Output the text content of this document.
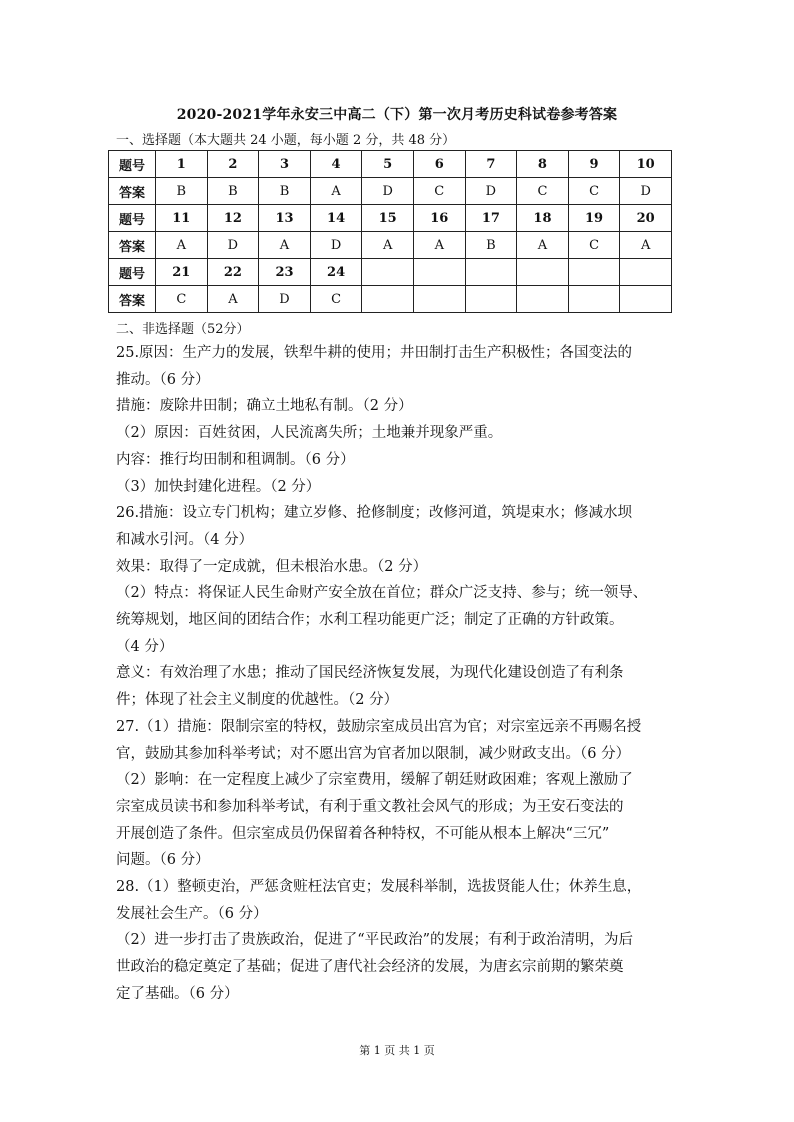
2020-2021学年永安三中高二（下）第一次月考历史科试卷参考答案
一、选择题（本大题共 24 小题，每小题 2 分，共 48 分）
题号	1	2	3	4	5	6	7	8	9	10
答案	B	B	B	A	D	C	D	C	C	D
题号	11	12	13	14	15	16	17	18	19	20
答案	A	D	A	D	A	A	B	A	C	A
题号	21	22	23	24						
答案	C	A	D	C						
二、非选择题（52分）

25.原因：生产力的发展，铁犁牛耕的使用；井田制打击生产积极性；各国变法的

推动。（6 分）

措施：废除井田制；确立土地私有制。（2 分）

（2）原因：百姓贫困，人民流离失所；土地兼并现象严重。

内容：推行均田制和租调制。（6 分）

（3）加快封建化进程。（2 分）

26.措施：设立专门机构；建立岁修、抢修制度；改修河道，筑堤束水；修减水坝

和减水引河。（4 分）

效果：取得了一定成就，但未根治水患。（2 分）

（2）特点：将保证人民生命财产安全放在首位；群众广泛支持、参与；统一领导、

统筹规划，地区间的团结合作；水利工程功能更广泛；制定了正确的方针政策。

（4 分）

意义：有效治理了水患；推动了国民经济恢复发展，为现代化建设创造了有利条

件；体现了社会主义制度的优越性。（2 分）

27.（1）措施：限制宗室的特权，鼓励宗室成员出宫为官；对宗室远亲不再赐名授

官，鼓励其参加科举考试；对不愿出宫为官者加以限制，减少财政支出。（6 分）

（2）影响：在一定程度上减少了宗室费用，缓解了朝廷财政困难；客观上激励了

宗室成员读书和参加科举考试，有利于重文教社会风气的形成；为王安石变法的

开展创造了条件。但宗室成员仍保留着各种特权，不可能从根本上解决“三冗”

问题。（6 分）

28.（1）整顿吏治，严惩贪赃枉法官吏；发展科举制，选拔贤能人仕；休养生息，

发展社会生产。（6 分）

（2）进一步打击了贵族政治，促进了“平民政治”的发展；有利于政治清明，为后

世政治的稳定奠定了基础；促进了唐代社会经济的发展，为唐玄宗前期的繁荣奠

定了基础。（6 分）

第 1 页 共 1 页
